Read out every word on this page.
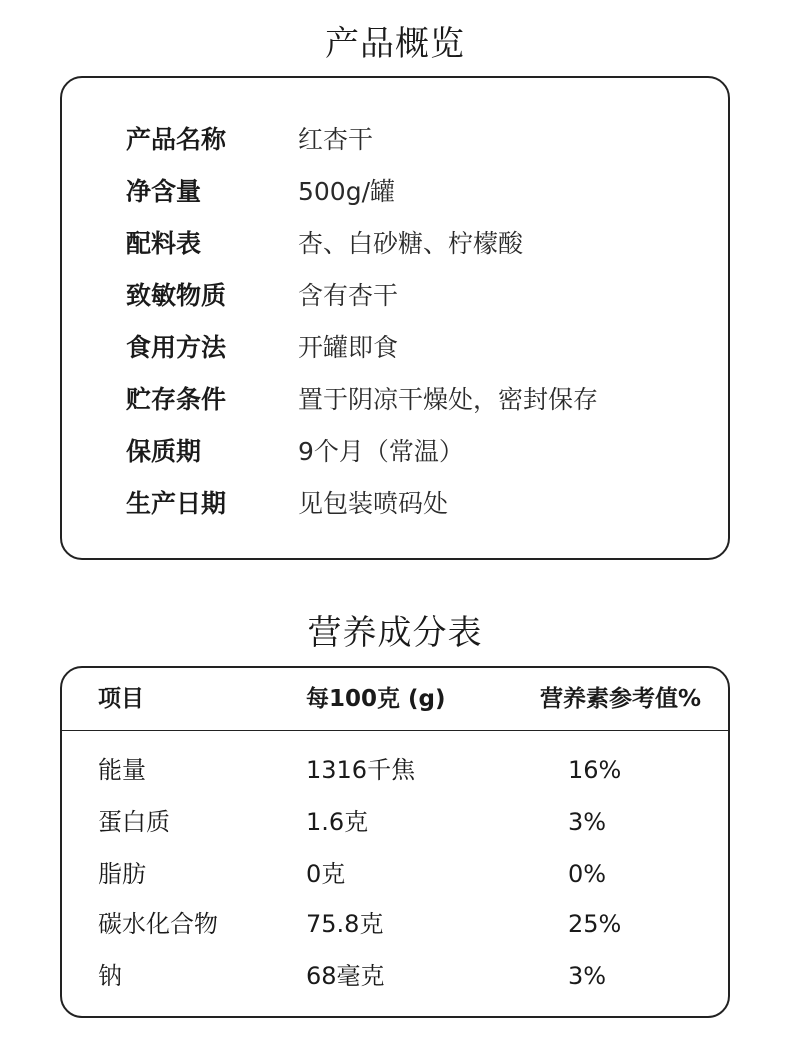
产品概览
产品名称	红杏干
净含量	500g/罐
配料表	杏、白砂糖、柠檬酸
致敏物质	含有杏干
食用方法	开罐即食
贮存条件	置于阴凉干燥处，密封保存
保质期	9个月（常温）
生产日期	见包装喷码处
营养成分表
项目	每100克 (g)	营养素参考值%
能量	1316千焦	16%
蛋白质	1.6克	3%
脂肪	0克	0%
碳水化合物	75.8克	25%
钠	68毫克	3%
